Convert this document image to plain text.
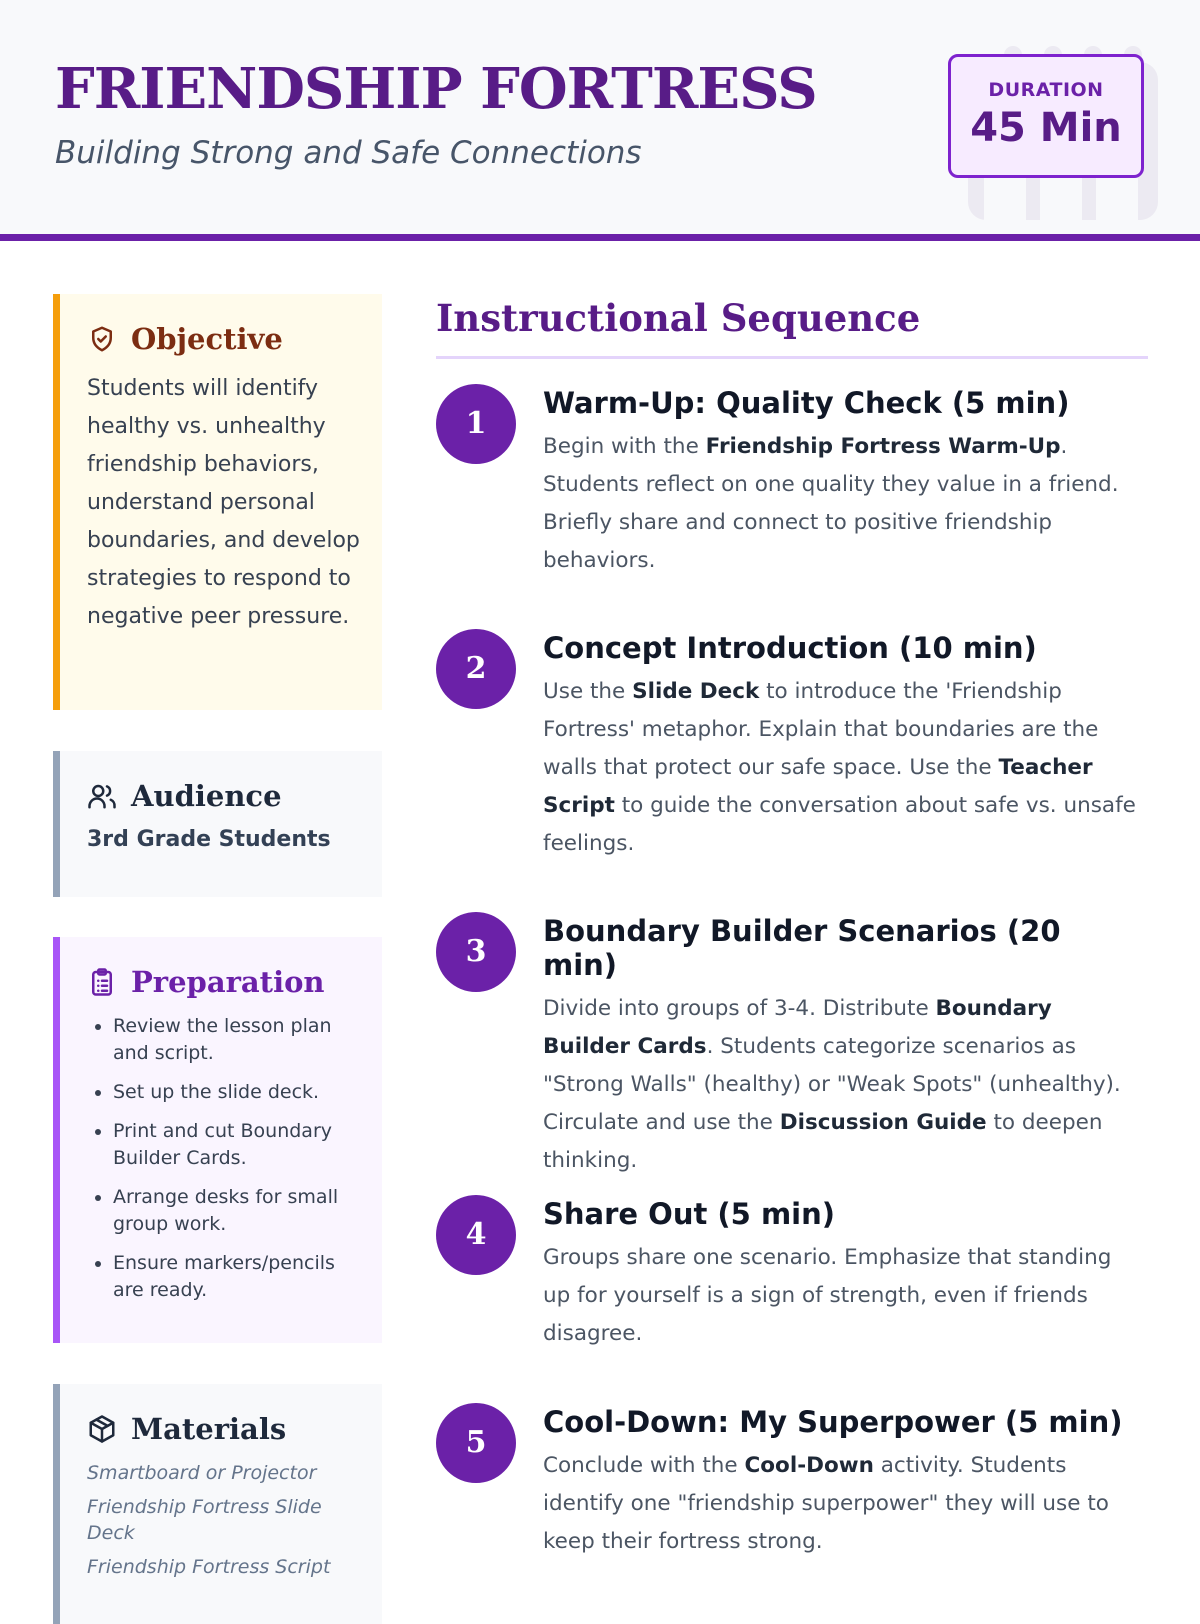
FRIENDSHIP FORTRESS

Building Strong and Safe Connections

DURATION
45 Min
Objective

Students will identify healthy vs. unhealthy friendship behaviors, understand personal boundaries, and develop strategies to respond to negative peer pressure.

Audience

3rd Grade Students

Preparation
• Review the lesson plan and script.
• Set up the slide deck.
• Print and cut Boundary Builder Cards.
• Arrange desks for small group work.
• Ensure markers/pencils are ready.
Materials
Smartboard or Projector
Friendship Fortress Slide Deck
Friendship Fortress Script
Instructional Sequence
1
Warm-Up: Quality Check (5 min)

Begin with the Friendship Fortress Warm-Up. Students reflect on one quality they value in a friend. Briefly share and connect to positive friendship behaviors.

2
Concept Introduction (10 min)

Use the Slide Deck to introduce the 'Friendship Fortress' metaphor. Explain that boundaries are the walls that protect our safe space. Use the Teacher Script to guide the conversation about safe vs. unsafe feelings.

3
Boundary Builder Scenarios (20 min)

Divide into groups of 3-4. Distribute Boundary Builder Cards. Students categorize scenarios as "Strong Walls" (healthy) or "Weak Spots" (unhealthy). Circulate and use the Discussion Guide to deepen thinking.

4
Share Out (5 min)

Groups share one scenario. Emphasize that standing up for yourself is a sign of strength, even if friends disagree.

5
Cool-Down: My Superpower (5 min)

Conclude with the Cool-Down activity. Students identify one "friendship superpower" they will use to keep their fortress strong.
